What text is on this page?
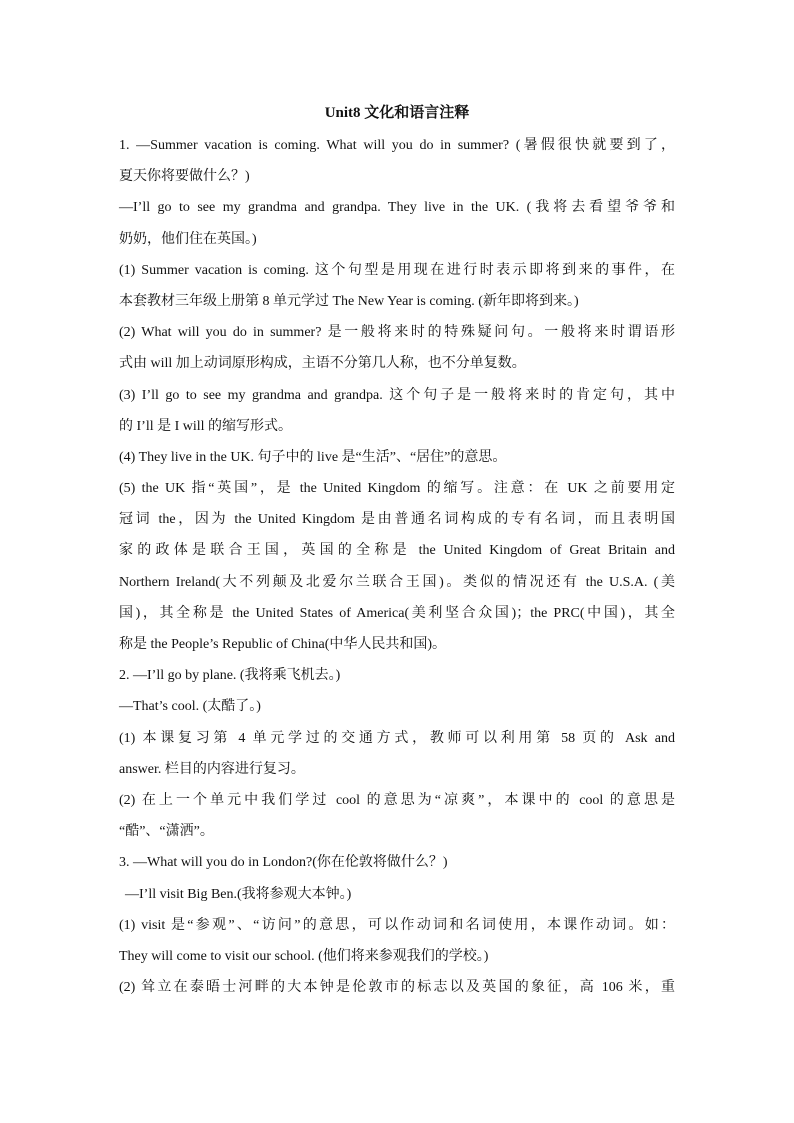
Unit8 文化和语言注释
1. —Summer vacation is coming. What will you do in summer? (暑假很快就要到了，
夏天你将要做什么？)
—I’ll go to see my grandma and grandpa. They live in the UK. (我将去看望爷爷和
奶奶，他们住在英国。)
(1) Summer vacation is coming. 这个句型是用现在进行时表示即将到来的事件，在
本套教材三年级上册第 8 单元学过 The New Year is coming. (新年即将到来。)
(2) What will you do in summer? 是一般将来时的特殊疑问句。一般将来时谓语形
式由 will 加上动词原形构成，主语不分第几人称，也不分单复数。
(3) I’ll go to see my grandma and grandpa. 这个句子是一般将来时的肯定句，其中
的 I’ll 是 I will 的缩写形式。
(4) They live in the UK. 句子中的 live 是“生活”、“居住”的意思。
(5) the UK 指“英国”，是 the United Kingdom 的缩写。注意：在 UK 之前要用定
冠词 the，因为 the United Kingdom 是由普通名词构成的专有名词，而且表明国
家的政体是联合王国，英国的全称是 the United Kingdom of Great Britain and
Northern Ireland(大不列颠及北爱尔兰联合王国)。类似的情况还有 the U.S.A. (美
国)，其全称是 the United States of America(美利坚合众国)；the PRC(中国)，其全
称是 the People’s Republic of China(中华人民共和国)。
2. —I’ll go by plane. (我将乘飞机去。)
—That’s cool. (太酷了。)
(1) 本课复习第 4 单元学过的交通方式，教师可以利用第 58 页的 Ask and
answer. 栏目的内容进行复习。
(2) 在上一个单元中我们学过 cool 的意思为“凉爽”，本课中的 cool 的意思是
“酷”、“潇洒”。
3. —What will you do in London?(你在伦敦将做什么？)
—I’ll visit Big Ben.(我将参观大本钟。)
(1) visit 是“参观”、“访问”的意思，可以作动词和名词使用，本课作动词。如：
They will come to visit our school. (他们将来参观我们的学校。)
(2) 耸立在泰晤士河畔的大本钟是伦敦市的标志以及英国的象征，高 106 米，重
